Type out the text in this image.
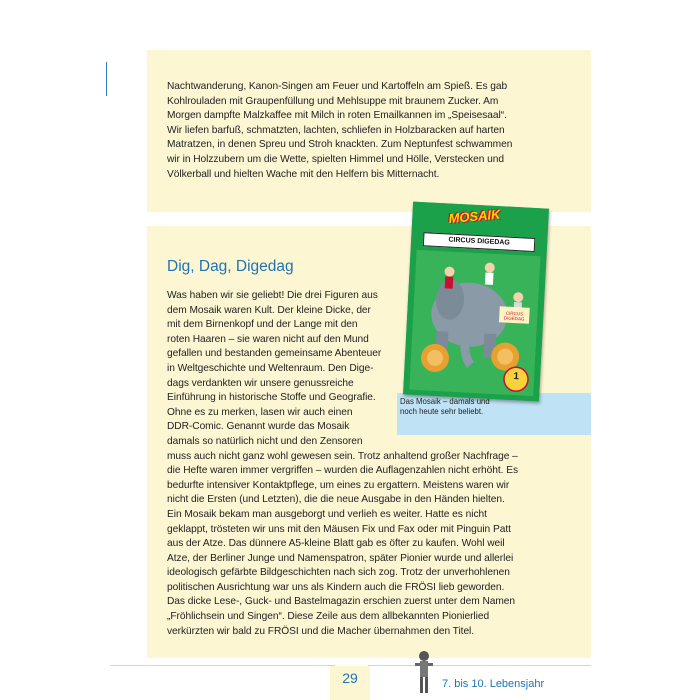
Nachtwanderung, Kanon-Singen am Feuer und Kartoffeln am Spieß. Es gab

Kohlrouladen mit Graupenfüllung und Mehlsuppe mit braunem Zucker. Am

Morgen dampfte Malzkaffee mit Milch in roten Emailkannen im „Speisesaal“.

Wir liefen barfuß, schmatzten, lachten, schliefen in Holzbaracken auf harten

Matratzen, in denen Spreu und Stroh knackten. Zum Neptunfest schwammen

wir in Holzzubern um die Wette, spielten Himmel und Hölle, Verstecken und

Völkerball und hielten Wache mit den Helfern bis Mitternacht.

Dig, Dag, Digedag

Was haben wir sie geliebt! Die drei Figuren aus

dem Mosaik waren Kult. Der kleine Dicke, der

mit dem Birnenkopf und der Lange mit den

roten Haaren – sie waren nicht auf den Mund

gefallen und bestanden gemeinsame Abenteuer

in Weltgeschichte und Weltenraum. Den Dige-

dags verdankten wir unsere genussreiche

Einführung in historische Stoffe und Geografie.

Ohne es zu merken, lasen wir auch einen

DDR-Comic. Genannt wurde das Mosaik

damals so natürlich nicht und den Zensoren

muss auch nicht ganz wohl gewesen sein. Trotz anhaltend großer Nachfrage –

die Hefte waren immer vergriffen – wurden die Auflagenzahlen nicht erhöht. Es

bedurfte intensiver Kontaktpflege, um eines zu ergattern. Meistens waren wir

nicht die Ersten (und Letzten), die die neue Ausgabe in den Händen hielten.

Ein Mosaik bekam man ausgeborgt und verlieh es weiter. Hatte es nicht

geklappt, trösteten wir uns mit den Mäusen Fix und Fax oder mit Pinguin Patt

aus der Atze. Das dünnere A5-kleine Blatt gab es öfter zu kaufen. Wohl weil

Atze, der Berliner Junge und Namenspatron, später Pionier wurde und allerlei

ideologisch gefärbte Bildgeschichten nach sich zog. Trotz der unverhohlenen

politischen Ausrichtung war uns als Kindern auch die FRÖSI lieb geworden.

Das dicke Lese-, Guck- und Bastelmagazin erschien zuerst unter dem Namen

„Fröhlichsein und Singen“. Diese Zeile aus dem allbekannten Pionierlied

verkürzten wir bald zu FRÖSI und die Macher übernahmen den Titel.

Das Mosaik – damals und

noch heute sehr beliebt.

CIRCUS
DIGEDAG
MOSAIK
CIRCUS DIGEDAG
1
29	7. bis 10. Lebensjahr
